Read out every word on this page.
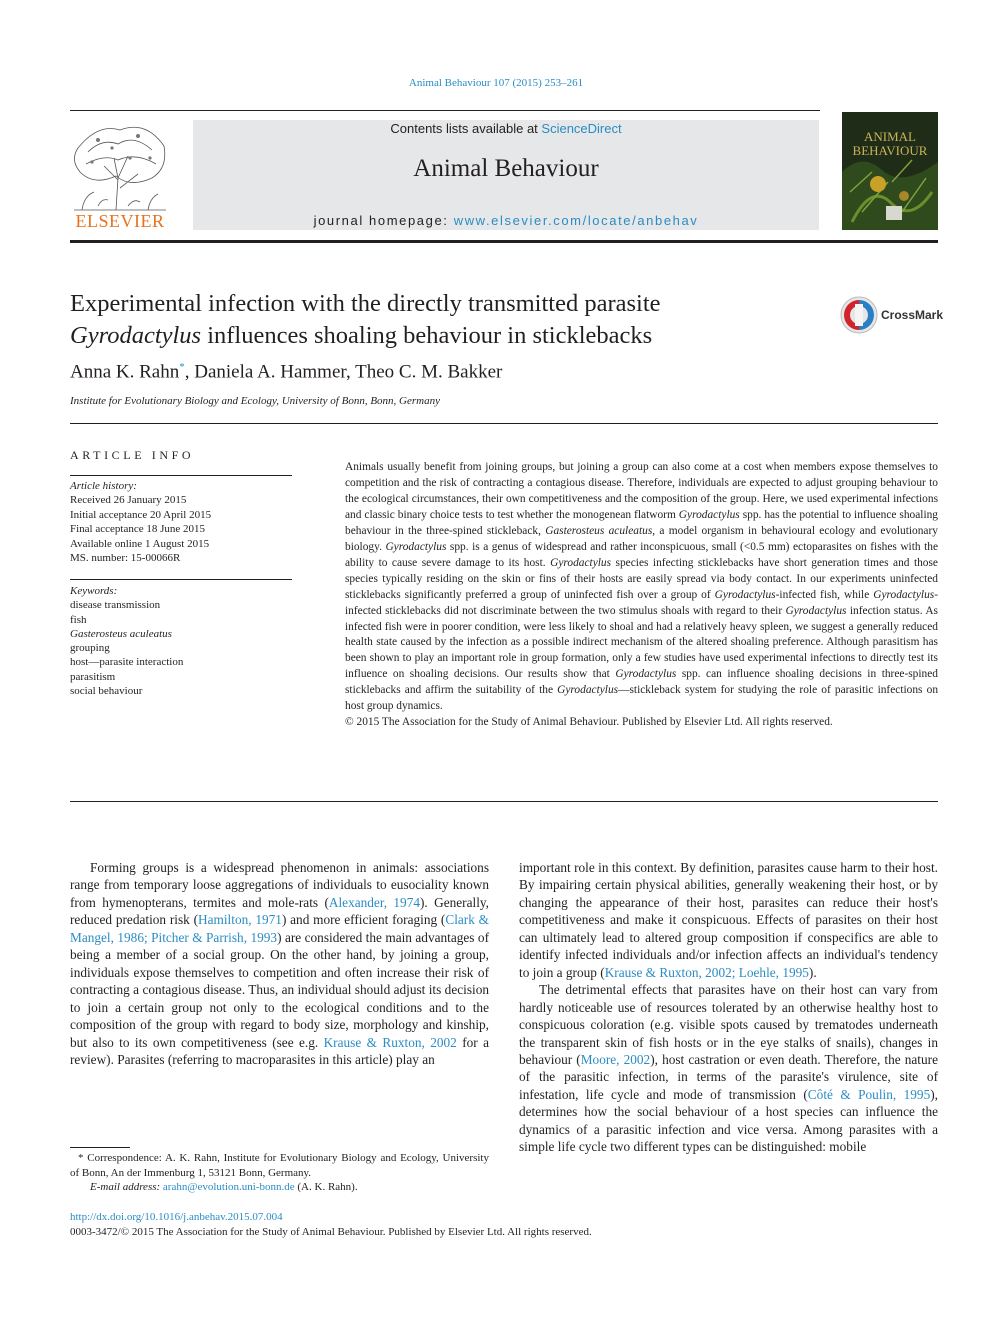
Animal Behaviour 107 (2015) 253–261
ELSEVIER
Contents lists available at ScienceDirect
Animal Behaviour
journal homepage: www.elsevier.com/locate/anbehav
ANIMAL
BEHAVIOUR
Experimental infection with the directly transmitted parasite
Gyrodactylus influences shoaling behaviour in sticklebacks
CrossMark
Anna K. Rahn*, Daniela A. Hammer, Theo C. M. Bakker
Institute for Evolutionary Biology and Ecology, University of Bonn, Bonn, Germany
ARTICLE INFO
Article history:
Received 26 January 2015
Initial acceptance 20 April 2015
Final acceptance 18 June 2015
Available online 1 August 2015
MS. number: 15-00066R
Keywords:
disease transmission
fish
Gasterosteus aculeatus
grouping
host—parasite interaction
parasitism
social behaviour

Animals usually benefit from joining groups, but joining a group can also come at a cost when members expose themselves to competition and the risk of contracting a contagious disease. Therefore, individuals are expected to adjust grouping behaviour to the ecological circumstances, their own competitiveness and the composition of the group. Here, we used experimental infections and classic binary choice tests to test whether the monogenean flatworm Gyrodactylus spp. has the potential to influence shoaling behaviour in the three-spined stickleback, Gasterosteus aculeatus, a model organism in behavioural ecology and evolutionary biology. Gyrodactylus spp. is a genus of widespread and rather inconspicuous, small (<0.5 mm) ectoparasites on fishes with the ability to cause severe damage to its host. Gyrodactylus species infecting sticklebacks have short generation times and those species typically residing on the skin or fins of their hosts are easily spread via body contact. In our experiments uninfected sticklebacks significantly preferred a group of uninfected fish over a group of Gyrodactylus-infected fish, while Gyrodactylus-infected sticklebacks did not discriminate between the two stimulus shoals with regard to their Gyrodactylus infection status. As infected fish were in poorer condition, were less likely to shoal and had a relatively heavy spleen, we suggest a generally reduced health state caused by the infection as a possible indirect mechanism of the altered shoaling preference. Although parasitism has been shown to play an important role in group formation, only a few studies have used experimental infections to directly test its influence on shoaling decisions. Our results show that Gyrodactylus spp. can influence shoaling decisions in three-spined sticklebacks and affirm the suitability of the Gyrodactylus—stickleback system for studying the role of parasitic infections on host group dynamics.

© 2015 The Association for the Study of Animal Behaviour. Published by Elsevier Ltd. All rights reserved.

Forming groups is a widespread phenomenon in animals: associations range from temporary loose aggregations of individuals to eusociality known from hymenopterans, termites and mole-rats (Alexander, 1974). Generally, reduced predation risk (Hamilton, 1971) and more efficient foraging (Clark & Mangel, 1986; Pitcher & Parrish, 1993) are considered the main advantages of being a member of a social group. On the other hand, by joining a group, individuals expose themselves to competition and often increase their risk of contracting a contagious disease. Thus, an individual should adjust its decision to join a certain group not only to the ecological conditions and to the composition of the group with regard to body size, morphology and kinship, but also to its own competitiveness (see e.g. Krause & Ruxton, 2002 for a review). Parasites (referring to macroparasites in this article) play an

important role in this context. By definition, parasites cause harm to their host. By impairing certain physical abilities, generally weakening their host, or by changing the appearance of their host, parasites can reduce their host's competitiveness and make it conspicuous. Effects of parasites on their host can ultimately lead to altered group composition if conspecifics are able to identify infected individuals and/or infection affects an individual's tendency to join a group (Krause & Ruxton, 2002; Loehle, 1995).

The detrimental effects that parasites have on their host can vary from hardly noticeable use of resources tolerated by an otherwise healthy host to conspicuous coloration (e.g. visible spots caused by trematodes underneath the transparent skin of fish hosts or in the eye stalks of snails), changes in behaviour (Moore, 2002), host castration or even death. Therefore, the nature of the parasitic infection, in terms of the parasite's virulence, site of infestation, life cycle and mode of transmission (Côté & Poulin, 1995), determines how the social behaviour of a host species can influence the dynamics of a parasitic infection and vice versa. Among parasites with a simple life cycle two different types can be distinguished: mobile

* Correspondence: A. K. Rahn, Institute for Evolutionary Biology and Ecology, University of Bonn, An der Immenburg 1, 53121 Bonn, Germany.

E-mail address: arahn@evolution.uni-bonn.de (A. K. Rahn).

http://dx.doi.org/10.1016/j.anbehav.2015.07.004
0003-3472/© 2015 The Association for the Study of Animal Behaviour. Published by Elsevier Ltd. All rights reserved.
